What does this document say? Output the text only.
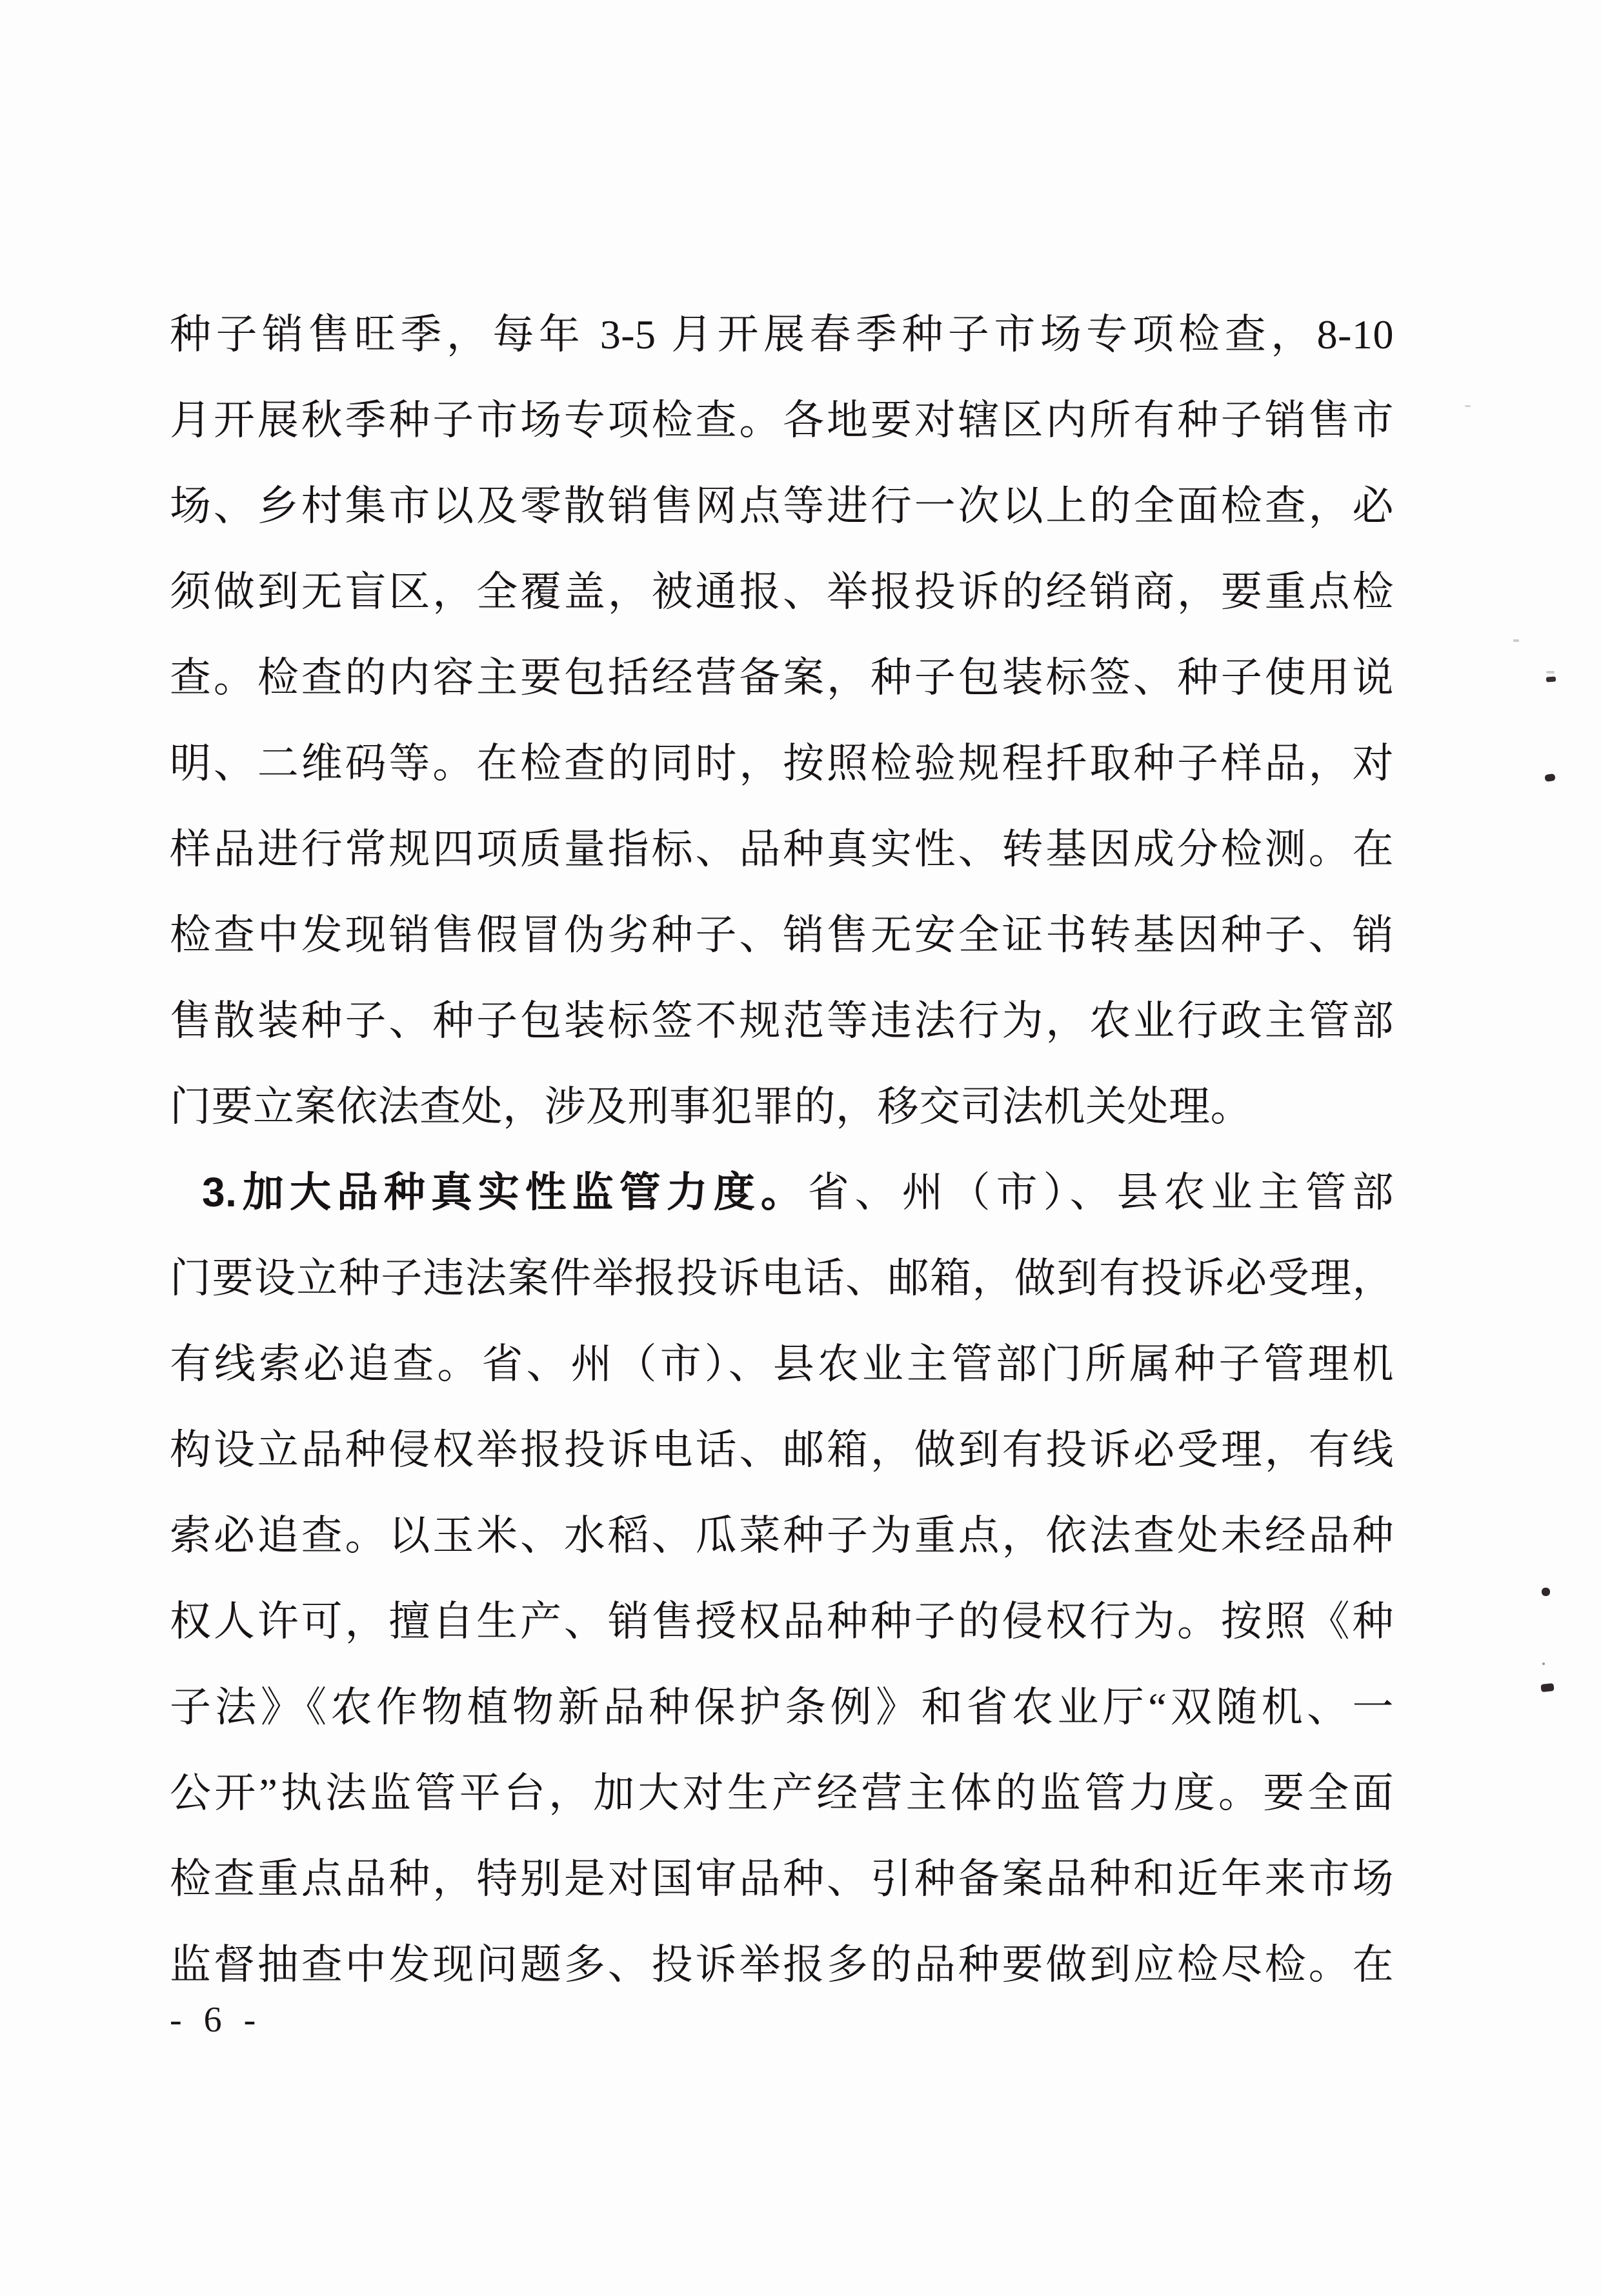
种子销售旺季，每年 3-5 月开展春季种子市场专项检查，8-10
月开展秋季种子市场专项检查。各地要对辖区内所有种子销售市
场、乡村集市以及零散销售网点等进行一次以上的全面检查，必
须做到无盲区，全覆盖，被通报、举报投诉的经销商，要重点检
查。检查的内容主要包括经营备案，种子包装标签、种子使用说
明、二维码等。在检查的同时，按照检验规程扦取种子样品，对
样品进行常规四项质量指标、品种真实性、转基因成分检测。在
检查中发现销售假冒伪劣种子、销售无安全证书转基因种子、销
售散装种子、种子包装标签不规范等违法行为，农业行政主管部
门要立案依法查处，涉及刑事犯罪的，移交司法机关处理。
3.加大品种真实性监管力度。省、州（市）、县农业主管部
门要设立种子违法案件举报投诉电话、邮箱，做到有投诉必受理，
有线索必追查。省、州（市）、县农业主管部门所属种子管理机
构设立品种侵权举报投诉电话、邮箱，做到有投诉必受理，有线
索必追查。以玉米、水稻、瓜菜种子为重点，依法查处未经品种
权人许可，擅自生产、销售授权品种种子的侵权行为。按照《种
子法》《农作物植物新品种保护条例》和省农业厅“双随机、一
公开”执法监管平台，加大对生产经营主体的监管力度。要全面
检查重点品种，特别是对国审品种、引种备案品种和近年来市场
监督抽查中发现问题多、投诉举报多的品种要做到应检尽检。在
- 6 -
